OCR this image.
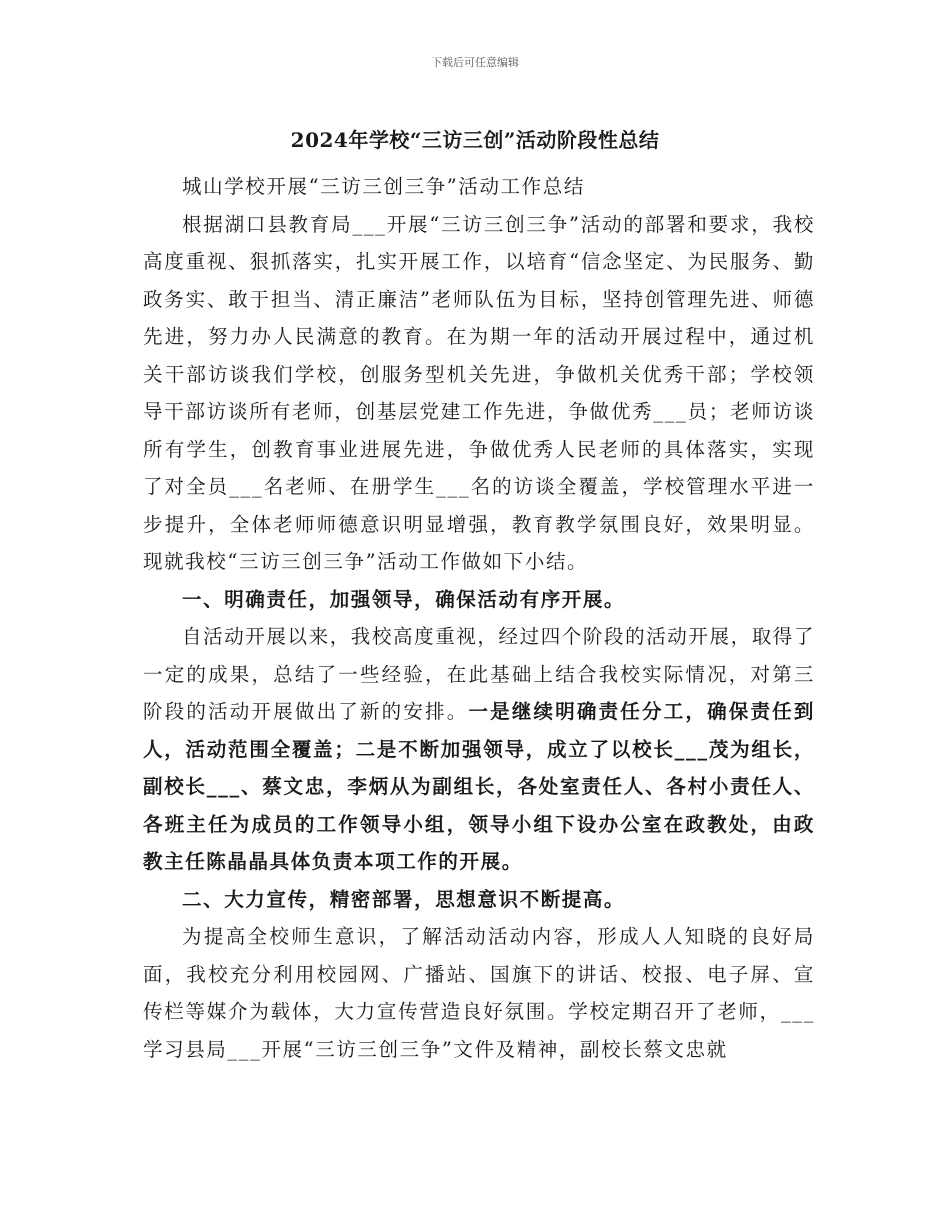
下载后可任意编辑
2024年学校“三访三创”活动阶段性总结

城山学校开展“三访三创三争”活动工作总结

根据湖口县教育局___开展“三访三创三争”活动的部署和要求，我校高度重视、狠抓落实，扎实开展工作，以培育“信念坚定、为民服务、勤政务实、敢于担当、清正廉洁”老师队伍为目标，坚持创管理先进、师德先进，努力办人民满意的教育。在为期一年的活动开展过程中，通过机关干部访谈我们学校，创服务型机关先进，争做机关优秀干部；学校领导干部访谈所有老师，创基层党建工作先进，争做优秀___员；老师访谈所有学生，创教育事业进展先进，争做优秀人民老师的具体落实，实现了对全员___名老师、在册学生___名的访谈全覆盖，学校管理水平进一步提升，全体老师师德意识明显增强，教育教学氛围良好，效果明显。现就我校“三访三创三争”活动工作做如下小结。

一、明确责任，加强领导，确保活动有序开展。

自活动开展以来，我校高度重视，经过四个阶段的活动开展，取得了一定的成果，总结了一些经验，在此基础上结合我校实际情况，对第三阶段的活动开展做出了新的安排。一是继续明确责任分工，确保责任到人，活动范围全覆盖；二是不断加强领导，成立了以校长___茂为组长，副校长___、蔡文忠，李炳从为副组长，各处室责任人、各村小责任人、各班主任为成员的工作领导小组，领导小组下设办公室在政教处，由政教主任陈晶晶具体负责本项工作的开展。

二、大力宣传，精密部署，思想意识不断提高。

为提高全校师生意识，了解活动活动内容，形成人人知晓的良好局面，我校充分利用校园网、广播站、国旗下的讲话、校报、电子屏、宣传栏等媒介为载体，大力宣传营造良好氛围。学校定期召开了老师，___学习县局___开展“三访三创三争”文件及精神，副校长蔡文忠就
